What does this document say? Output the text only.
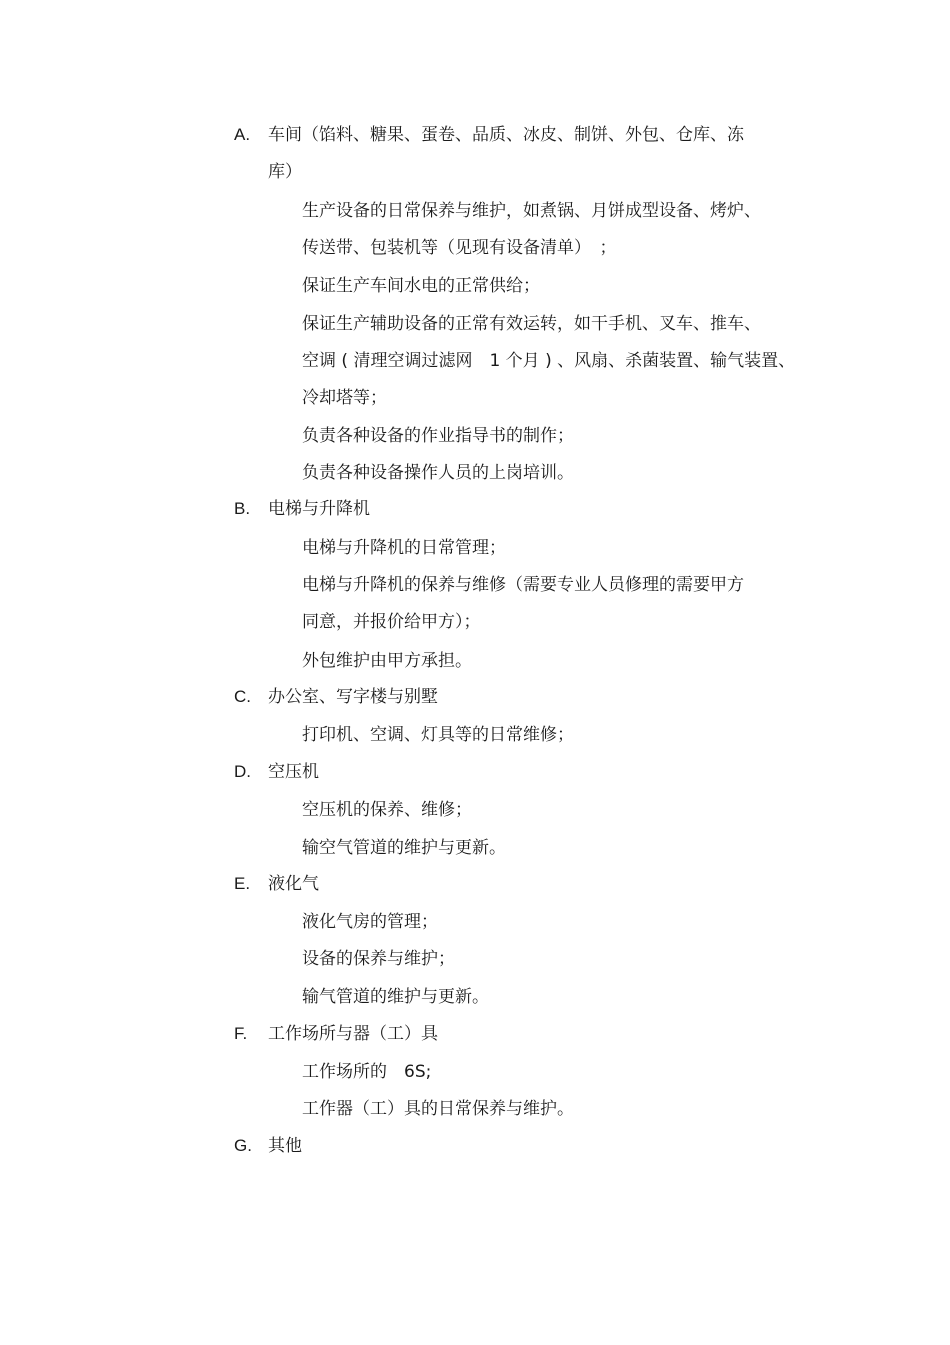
A. 车间（馅料、糖果、蛋卷、品质、冰皮、制饼、外包、仓库、冻
库）
生产设备的日常保养与维护，如煮锅、月饼成型设备、烤炉、
传送带、包装机等（见现有设备清单）　；
保证生产车间水电的正常供给；
保证生产辅助设备的正常有效运转，如干手机、叉车、推车、
空调 ( 清理空调过滤网　1 个月 ) 、风扇、杀菌装置、输气装置、
冷却塔等；
负责各种设备的作业指导书的制作；
负责各种设备操作人员的上岗培训。
B. 电梯与升降机
电梯与升降机的日常管理；
电梯与升降机的保养与维修（需要专业人员修理的需要甲方
同意，并报价给甲方）；
外包维护由甲方承担。
C. 办公室、写字楼与别墅
打印机、空调、灯具等的日常维修；
D. 空压机
空压机的保养、维修；
输空气管道的维护与更新。
E. 液化气
液化气房的管理；
设备的保养与维护；
输气管道的维护与更新。
F. 工作场所与器（工）具
工作场所的　6S;
工作器（工）具的日常保养与维护。
G. 其他
